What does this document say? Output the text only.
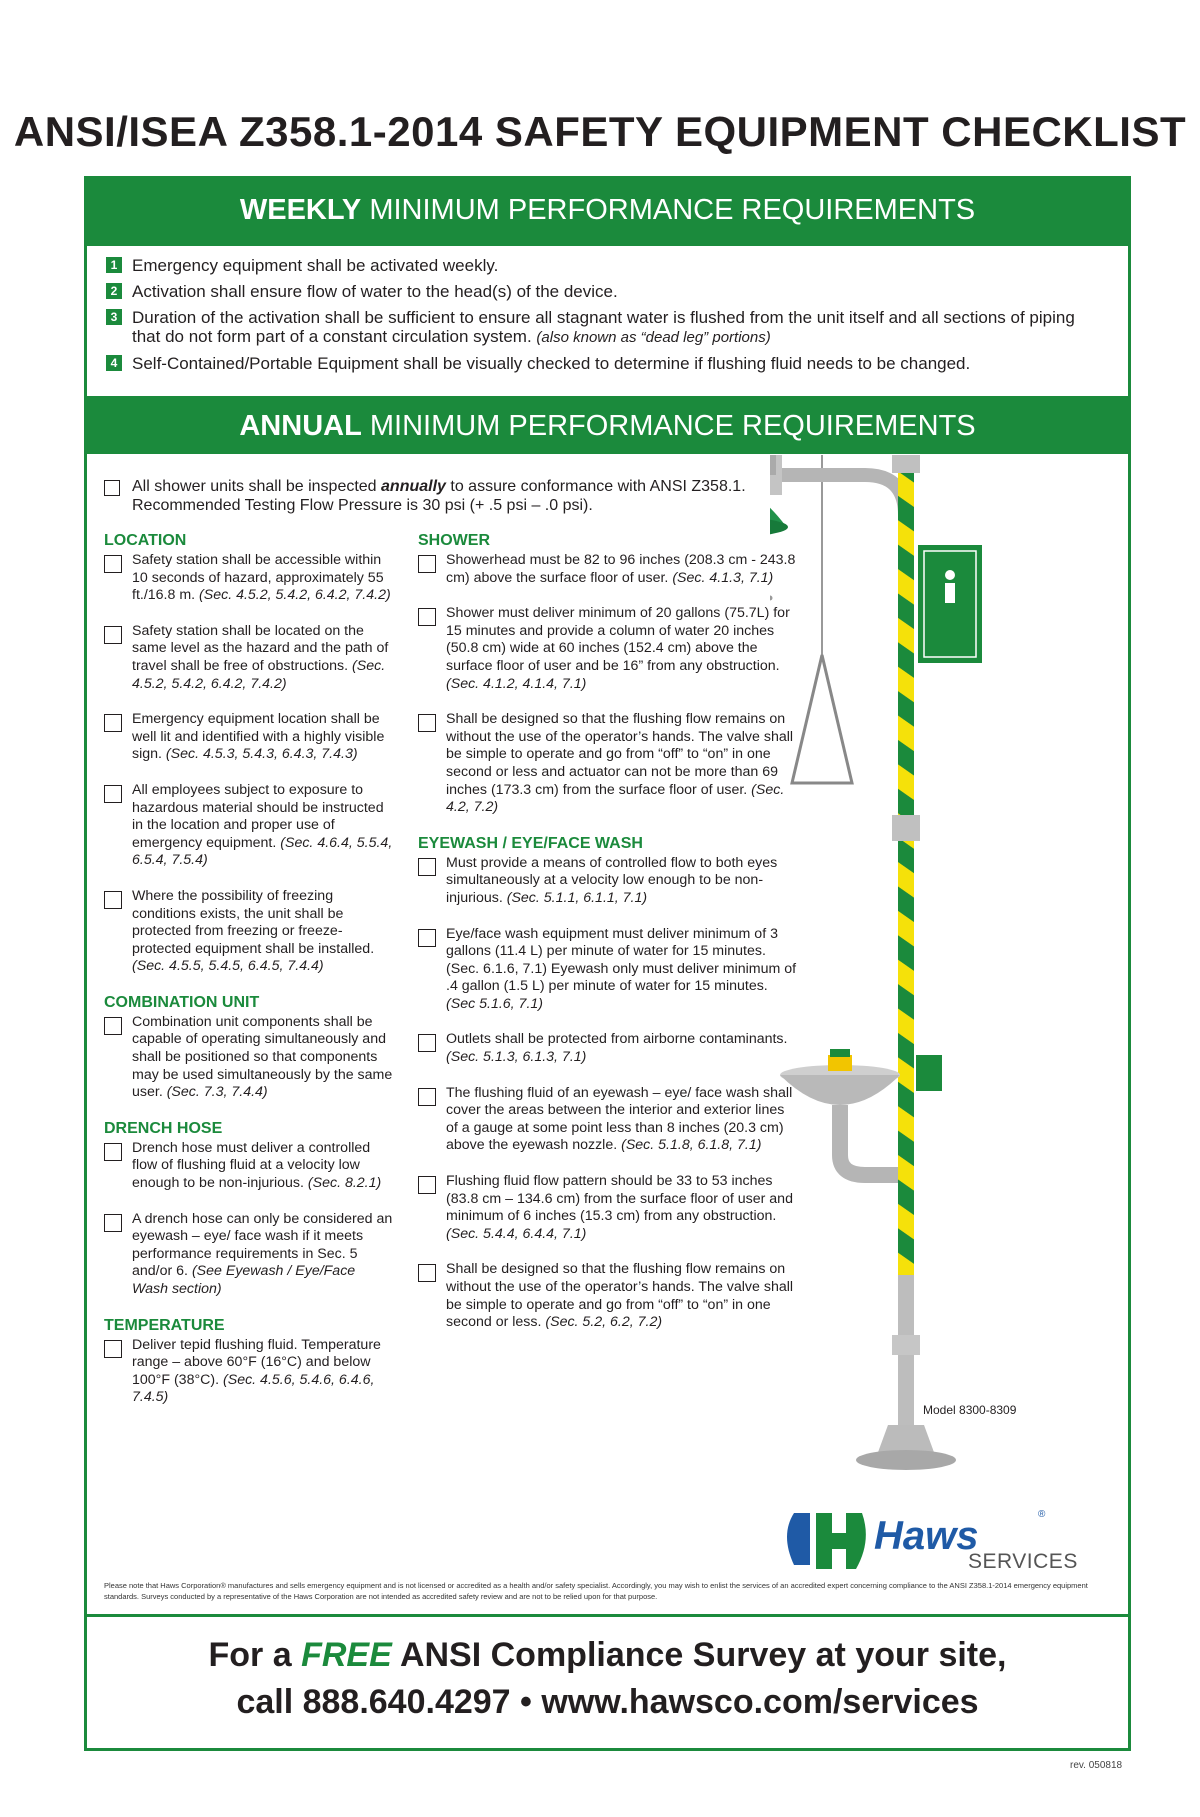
ANSI/ISEA Z358.1-2014 SAFETY EQUIPMENT CHECKLIST
WEEKLY MINIMUM PERFORMANCE REQUIREMENTS
1 Emergency equipment shall be activated weekly.
2 Activation shall ensure flow of water to the head(s) of the device.
3 Duration of the activation shall be sufficient to ensure all stagnant water is flushed from the unit itself and all sections of piping that do not form part of a constant circulation system. (also known as “dead leg” portions)
4 Self-Contained/Portable Equipment shall be visually checked to determine if flushing fluid needs to be changed.
ANNUAL MINIMUM PERFORMANCE REQUIREMENTS

All shower units shall be inspected annually to assure conformance with ANSI Z358.1. Recommended Testing Flow Pressure is 30 psi (+ .5 psi – .0 psi).

LOCATION
Safety station shall be accessible within 10 seconds of hazard, approximately 55 ft./16.8 m. (Sec. 4.5.2, 5.4.2, 6.4.2, 7.4.2)
Safety station shall be located on the same level as the hazard and the path of travel shall be free of obstructions. (Sec. 4.5.2, 5.4.2, 6.4.2, 7.4.2)
Emergency equipment location shall be well lit and identified with a highly visible sign. (Sec. 4.5.3, 5.4.3, 6.4.3, 7.4.3)
All employees subject to exposure to hazardous material should be instructed in the location and proper use of emergency equipment. (Sec. 4.6.4, 5.5.4, 6.5.4, 7.5.4)
Where the possibility of freezing conditions exists, the unit shall be protected from freezing or freeze-protected equipment shall be installed. (Sec. 4.5.5, 5.4.5, 6.4.5, 7.4.4)
COMBINATION UNIT
Combination unit components shall be capable of operating simultaneously and shall be positioned so that components may be used simultaneously by the same user. (Sec. 7.3, 7.4.4)
DRENCH HOSE
Drench hose must deliver a controlled flow of flushing fluid at a velocity low enough to be non-injurious. (Sec. 8.2.1)
A drench hose can only be considered an eyewash – eye/ face wash if it meets performance requirements in Sec. 5 and/or 6. (See Eyewash / Eye/Face Wash section)
TEMPERATURE
Deliver tepid flushing fluid. Temperature range – above 60°F (16°C) and below 100°F (38°C). (Sec. 4.5.6, 5.4.6, 6.4.6, 7.4.5)
SHOWER
Showerhead must be 82 to 96 inches (208.3 cm - 243.8 cm) above the surface floor of user. (Sec. 4.1.3, 7.1)
Shower must deliver minimum of 20 gallons (75.7L) for 15 minutes and provide a column of water 20 inches (50.8 cm) wide at 60 inches (152.4 cm) above the surface floor of user and be 16” from any obstruction. (Sec. 4.1.2, 4.1.4, 7.1)
Shall be designed so that the flushing flow remains on without the use of the operator’s hands. The valve shall be simple to operate and go from “off” to “on” in one second or less and actuator can not be more than 69 inches (173.3 cm) from the surface floor of user. (Sec. 4.2, 7.2)
EYEWASH / EYE/FACE WASH
Must provide a means of controlled flow to both eyes simultaneously at a velocity low enough to be non-injurious. (Sec. 5.1.1, 6.1.1, 7.1)
Eye/face wash equipment must deliver minimum of 3 gallons (11.4 L) per minute of water for 15 minutes. (Sec. 6.1.6, 7.1) Eyewash only must deliver minimum of .4 gallon (1.5 L) per minute of water for 15 minutes. (Sec 5.1.6, 7.1)
Outlets shall be protected from airborne contaminants. (Sec. 5.1.3, 6.1.3, 7.1)
The flushing fluid of an eyewash – eye/ face wash shall cover the areas between the interior and exterior lines of a gauge at some point less than 8 inches (20.3 cm) above the eyewash nozzle. (Sec. 5.1.8, 6.1.8, 7.1)
Flushing fluid flow pattern should be 33 to 53 inches (83.8 cm – 134.6 cm) from the surface floor of user and minimum of 6 inches (15.3 cm) from any obstruction. (Sec. 5.4.4, 6.4.4, 7.1)
Shall be designed so that the flushing flow remains on without the use of the operator’s hands. The valve shall be simple to operate and go from “off” to “on” in one second or less. (Sec. 5.2, 6.2, 7.2)
Model 8300-8309
Haws	®
SERVICES
Please note that Haws Corporation® manufactures and sells emergency equipment and is not licensed or accredited as a health and/or safety specialist. Accordingly, you may wish to enlist the services of an accredited expert concerning compliance to the ANSI Z358.1-2014 emergency equipment standards. Surveys conducted by a representative of the Haws Corporation are not intended as accredited safety review and are not to be relied upon for that purpose.
For a FREE ANSI Compliance Survey at your site,
call 888.640.4297 • www.hawsco.com/services
rev. 050818
